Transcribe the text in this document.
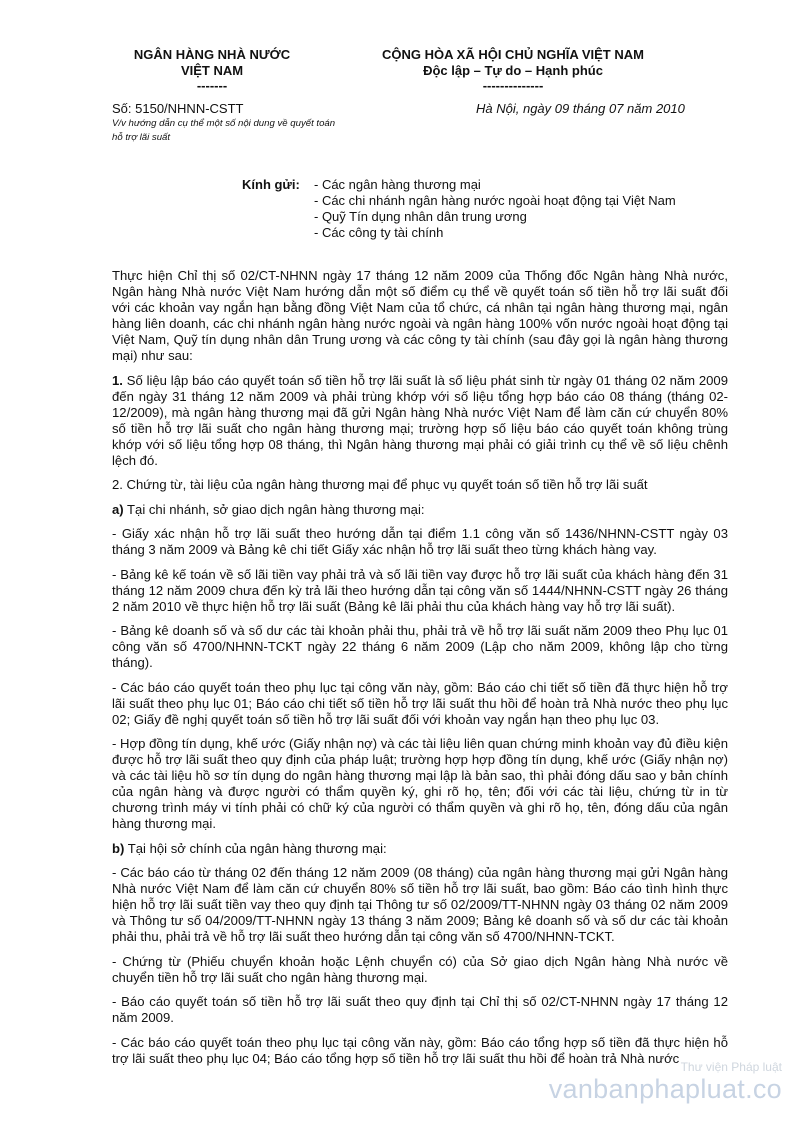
NGÂN HÀNG NHÀ NƯỚC
VIỆT NAM
-------
CỘNG HÒA XÃ HỘI CHỦ NGHĨA VIỆT NAM
Độc lập – Tự do – Hạnh phúc
--------------
Số: 5150/NHNN-CSTT
V/v hướng dẫn cụ thể một số nội dung về quyết toán hỗ trợ lãi suất
Hà Nội, ngày 09 tháng 07 năm 2010
Kính gửi: - Các ngân hàng thương mại
- Các chi nhánh ngân hàng nước ngoài hoạt động tại Việt Nam
- Quỹ Tín dụng nhân dân trung ương
- Các công ty tài chính

Thực hiện Chỉ thị số 02/CT-NHNN ngày 17 tháng 12 năm 2009 của Thống đốc Ngân hàng Nhà nước, Ngân hàng Nhà nước Việt Nam hướng dẫn một số điểm cụ thể về quyết toán số tiền hỗ trợ lãi suất đối với các khoản vay ngắn hạn bằng đồng Việt Nam của tổ chức, cá nhân tại ngân hàng thương mại, ngân hàng liên doanh, các chi nhánh ngân hàng nước ngoài và ngân hàng 100% vốn nước ngoài hoạt động tại Việt Nam, Quỹ tín dụng nhân dân Trung ương và các công ty tài chính (sau đây gọi là ngân hàng thương mại) như sau:

1. Số liệu lập báo cáo quyết toán số tiền hỗ trợ lãi suất là số liệu phát sinh từ ngày 01 tháng 02 năm 2009 đến ngày 31 tháng 12 năm 2009 và phải trùng khớp với số liệu tổng hợp báo cáo 08 tháng (tháng 02-12/2009), mà ngân hàng thương mại đã gửi Ngân hàng Nhà nước Việt Nam để làm căn cứ chuyển 80% số tiền hỗ trợ lãi suất cho ngân hàng thương mại; trường hợp số liệu báo cáo quyết toán không trùng khớp với số liệu tổng hợp 08 tháng, thì Ngân hàng thương mại phải có giải trình cụ thể về số liệu chênh lệch đó.

2. Chứng từ, tài liệu của ngân hàng thương mại để phục vụ quyết toán số tiền hỗ trợ lãi suất

a) Tại chi nhánh, sở giao dịch ngân hàng thương mại:

- Giấy xác nhận hỗ trợ lãi suất theo hướng dẫn tại điểm 1.1 công văn số 1436/NHNN-CSTT ngày 03 tháng 3 năm 2009 và Bảng kê chi tiết Giấy xác nhận hỗ trợ lãi suất theo từng khách hàng vay.

- Bảng kê kế toán về số lãi tiền vay phải trả và số lãi tiền vay được hỗ trợ lãi suất của khách hàng đến 31 tháng 12 năm 2009 chưa đến kỳ trả lãi theo hướng dẫn tại công văn số 1444/NHNN-CSTT ngày 26 tháng 2 năm 2010 về thực hiện hỗ trợ lãi suất (Bảng kê lãi phải thu của khách hàng vay hỗ trợ lãi suất).

- Bảng kê doanh số và số dư các tài khoản phải thu, phải trả về hỗ trợ lãi suất năm 2009 theo Phụ lục 01 công văn số 4700/NHNN-TCKT ngày 22 tháng 6 năm 2009 (Lập cho năm 2009, không lập cho từng tháng).

- Các báo cáo quyết toán theo phụ lục tại công văn này, gồm: Báo cáo chi tiết số tiền đã thực hiện hỗ trợ lãi suất theo phụ lục 01; Báo cáo chi tiết số tiền hỗ trợ lãi suất thu hồi để hoàn trả Nhà nước theo phụ lục 02; Giấy đề nghị quyết toán số tiền hỗ trợ lãi suất đối với khoản vay ngắn hạn theo phụ lục 03.

- Hợp đồng tín dụng, khế ước (Giấy nhận nợ) và các tài liệu liên quan chứng minh khoản vay đủ điều kiện được hỗ trợ lãi suất theo quy định của pháp luật; trường hợp hợp đồng tín dụng, khế ước (Giấy nhận nợ) và các tài liệu hồ sơ tín dụng do ngân hàng thương mại lập là bản sao, thì phải đóng dấu sao y bản chính của ngân hàng và được người có thẩm quyền ký, ghi rõ họ, tên; đối với các tài liệu, chứng từ in từ chương trình máy vi tính phải có chữ ký của người có thẩm quyền và ghi rõ họ, tên, đóng dấu của ngân hàng thương mại.

b) Tại hội sở chính của ngân hàng thương mại:

- Các báo cáo từ tháng 02 đến tháng 12 năm 2009 (08 tháng) của ngân hàng thương mại gửi Ngân hàng Nhà nước Việt Nam để làm căn cứ chuyển 80% số tiền hỗ trợ lãi suất, bao gồm: Báo cáo tình hình thực hiện hỗ trợ lãi suất tiền vay theo quy định tại Thông tư số 02/2009/TT-NHNN ngày 03 tháng 02 năm 2009 và Thông tư số 04/2009/TT-NHNN ngày 13 tháng 3 năm 2009; Bảng kê doanh số và số dư các tài khoản phải thu, phải trả về hỗ trợ lãi suất theo hướng dẫn tại công văn số 4700/NHNN-TCKT.

- Chứng từ (Phiếu chuyển khoản hoặc Lệnh chuyển có) của Sở giao dịch Ngân hàng Nhà nước về chuyển tiền hỗ trợ lãi suất cho ngân hàng thương mại.

- Báo cáo quyết toán số tiền hỗ trợ lãi suất theo quy định tại Chỉ thị số 02/CT-NHNN ngày 17 tháng 12 năm 2009.

- Các báo cáo quyết toán theo phụ lục tại công văn này, gồm: Báo cáo tổng hợp số tiền đã thực hiện hỗ trợ lãi suất theo phụ lục 04; Báo cáo tổng hợp số tiền hỗ trợ lãi suất thu hồi để hoàn trả Nhà nước

Thư viện Pháp luật
vanbanphapluat.co
